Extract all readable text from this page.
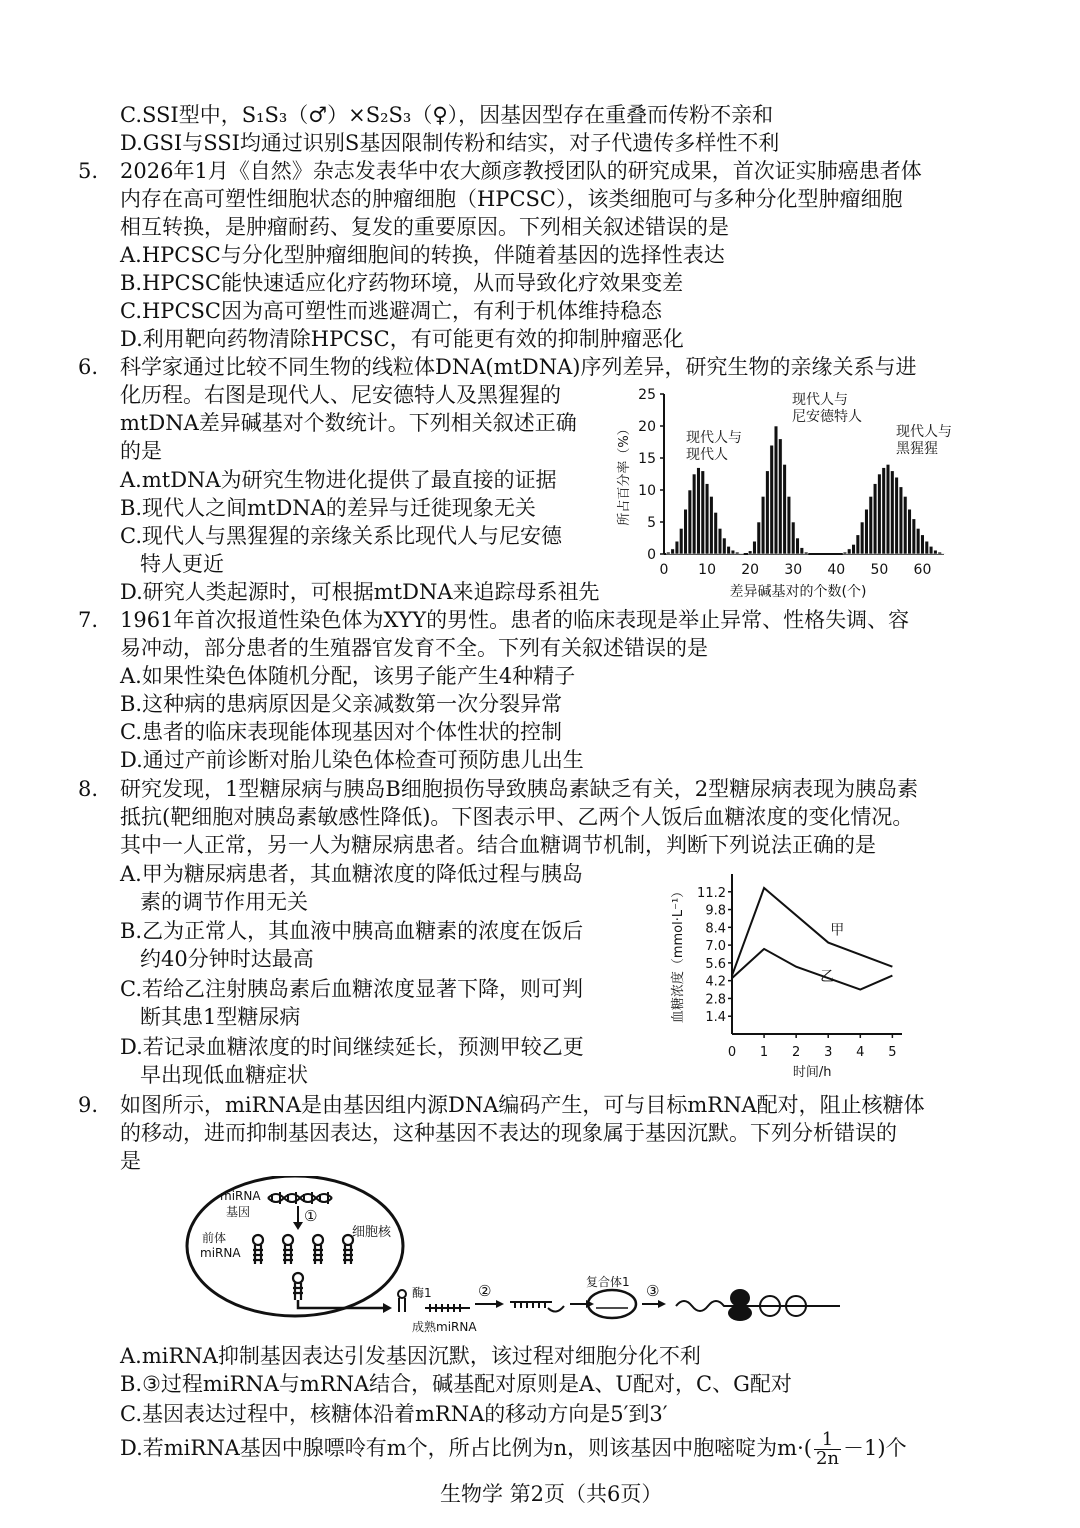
C.SSI型中，S₁S₃（♂）×S₂S₃（♀），因基因型存在重叠而传粉不亲和
D.GSI与SSI均通过识别S基因限制传粉和结实，对子代遗传多样性不利
5. 2026年1月《自然》杂志发表华中农大颜彦教授团队的研究成果，首次证实肺癌患者体
内存在高可塑性细胞状态的肿瘤细胞（HPCSC），该类细胞可与多种分化型肿瘤细胞
相互转换，是肿瘤耐药、复发的重要原因。下列相关叙述错误的是
A.HPCSC与分化型肿瘤细胞间的转换，伴随着基因的选择性表达
B.HPCSC能快速适应化疗药物环境，从而导致化疗效果变差
C.HPCSC因为高可塑性而逃避凋亡，有利于机体维持稳态
D.利用靶向药物清除HPCSC，有可能更有效的抑制肿瘤恶化
6. 科学家通过比较不同生物的线粒体DNA(mtDNA)序列差异，研究生物的亲缘关系与进
化历程。右图是现代人、尼安德特人及黑猩猩的
mtDNA差异碱基对个数统计。下列相关叙述正确
的是
A.mtDNA为研究生物进化提供了最直接的证据
B.现代人之间mtDNA的差异与迁徙现象无关
C.现代人与黑猩猩的亲缘关系比现代人与尼安德
特人更近
D.研究人类起源时，可根据mtDNA来追踪母系祖先
0
5
10
15
20
25
0 10 20 30 40 50 60
所占百分率（%）
差异碱基对的个数(个)
现代人与
现代人
现代人与
尼安德特人
现代人与
黑猩猩
7. 1961年首次报道性染色体为XYY的男性。患者的临床表现是举止异常、性格失调、容
易冲动，部分患者的生殖器官发育不全。下列有关叙述错误的是
A.如果性染色体随机分配，该男子能产生4种精子
B.这种病的患病原因是父亲减数第一次分裂异常
C.患者的临床表现能体现基因对个体性状的控制
D.通过产前诊断对胎儿染色体检查可预防患儿出生
8. 研究发现，1型糖尿病与胰岛B细胞损伤导致胰岛素缺乏有关，2型糖尿病表现为胰岛素
抵抗(靶细胞对胰岛素敏感性降低)。下图表示甲、乙两个人饭后血糖浓度的变化情况。
其中一人正常，另一人为糖尿病患者。结合血糖调节机制，判断下列说法正确的是
A.甲为糖尿病患者，其血糖浓度的降低过程与胰岛
素的调节作用无关
B.乙为正常人，其血液中胰高血糖素的浓度在饭后
约40分钟时达最高
C.若给乙注射胰岛素后血糖浓度显著下降，则可判
断其患1型糖尿病
D.若记录血糖浓度的时间继续延长，预测甲较乙更
早出现低血糖症状
1.4
2.8
4.2
5.6
7.0
8.4
9.8
11.2
0 1 2 3 4 5
血糖浓度（mmol·L⁻¹）
时间/h
甲
乙
9. 如图所示，miRNA是由基因组内源DNA编码产生，可与目标mRNA配对，阻止核糖体
的移动，进而抑制基因表达，这种基因不表达的现象属于基因沉默。下列分析错误的
是
miRNA
基因	①
细胞核
前体
miRNA
酶1
成熟miRNA
②	复合体1 ③
A.miRNA抑制基因表达引发基因沉默，该过程对细胞分化不利
B.③过程miRNA与mRNA结合，碱基配对原则是A、U配对，C、G配对
C.基因表达过程中，核糖体沿着mRNA的移动方向是5′到3′
D.若miRNA基因中腺嘌呤有m个，所占比例为n，则该基因中胞嘧啶为$m\cdot( \frac{1}{2n} -1)$个
生物学 第2页（共6页）
